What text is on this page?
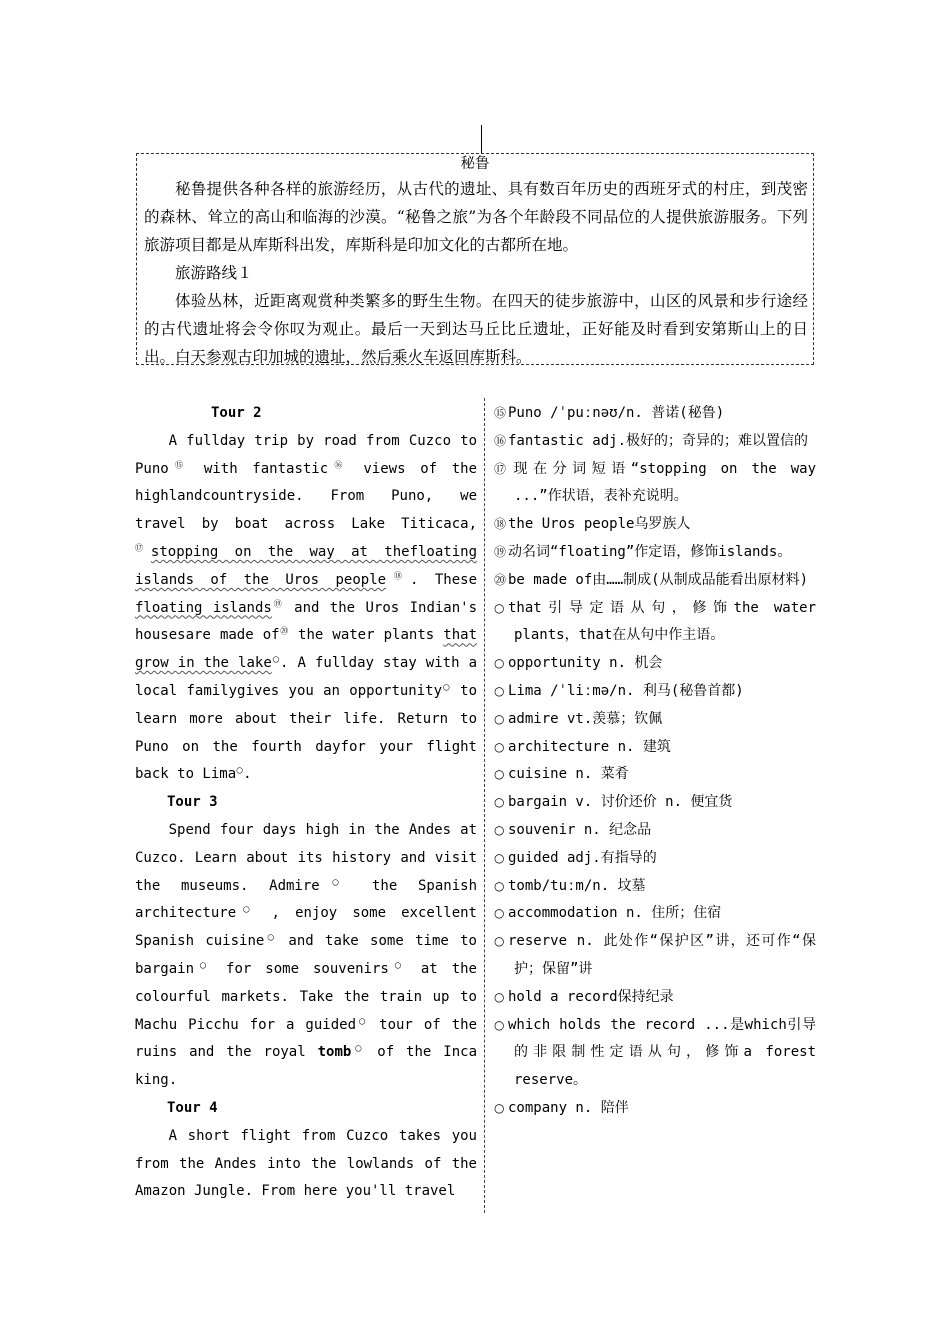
秘鲁

秘鲁提供各种各样的旅游经历，从古代的遗址、具有数百年历史的西班牙式的村庄，到茂密的森林、耸立的高山和临海的沙漠。“秘鲁之旅”为各个年龄段不同品位的人提供旅游服务。下列旅游项目都是从库斯科出发，库斯科是印加文化的古都所在地。

旅游路线１

体验丛林，近距离观赏种类繁多的野生生物。在四天的徒步旅游中，山区的风景和步行途经的古代遗址将会令你叹为观止。最后一天到达马丘比丘遗址，正好能及时看到安第斯山上的日出。白天参观古印加城的遗址，然后乘火车返回库斯科。

Tour 2

A fullday trip by road from Cuzco to Puno⑮ with fantastic⑯ views of the highlandcountryside. From Puno, we travel by boat across Lake Titicaca, ⑰stopping on the way at thefloating islands of the Uros people⑱. These floating islands⑲ and the Uros Indian's housesare made of⑳ the water plants that grow in the lake○. A fullday stay with a local familygives you an opportunity○ to learn more about their life. Return to Puno on the fourth dayfor your flight back to Lima○.

Tour 3

Spend four days high in the Andes at Cuzco. Learn about its history and visit the museums. Admire○ the Spanish architecture○ , enjoy some excellent Spanish cuisine○ and take some time to bargain○ for some souvenirs○ at the colourful markets. Take the train up to Machu Picchu for a guided○ tour of the ruins and the royal tomb○ of the Inca king.

Tour 4

A short flight from Cuzco takes you from the Andes into the lowlands of the Amazon Jungle. From here you'll travel

⑮ Puno /ˈpuːnəʊ/n. 普诺(秘鲁)

⑯ fantastic adj.极好的；奇异的；难以置信的

⑰ 现在分词短语“stopping on the way ...”作状语，表补充说明。

⑱ the Uros people乌罗族人

⑲ 动名词“floating”作定语，修饰islands。

⑳ be made of由……制成(从制成品能看出原材料)

○ that引导定语从句，修饰the water plants，that在从句中作主语。

○ opportunity n. 机会

○ Lima /ˈliːmə/n. 利马(秘鲁首都)

○ admire vt.羡慕；钦佩

○ architecture n. 建筑

○ cuisine n. 菜肴

○ bargain v. 讨价还价 n. 便宜货

○ souvenir n. 纪念品

○ guided adj.有指导的

○ tomb/tuːm/n. 坟墓

○ accommodation n. 住所；住宿

○ reserve n. 此处作“保护区”讲，还可作“保护；保留”讲

○ hold a record保持纪录

○ which holds the record ...是which引导的非限制性定语从句，修饰a forest reserve。

○ company n. 陪伴
